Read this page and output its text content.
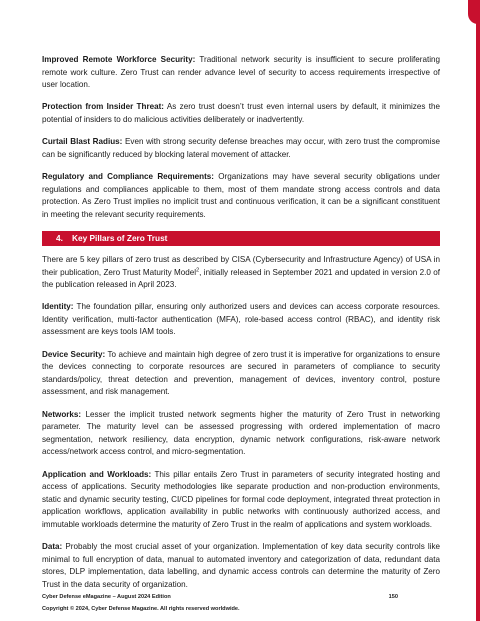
Improved Remote Workforce Security: Traditional network security is insufficient to secure proliferating remote work culture. Zero Trust can render advance level of security to access requirements irrespective of user location.

Protection from Insider Threat: As zero trust doesn’t trust even internal users by default, it minimizes the potential of insiders to do malicious activities deliberately or inadvertently.

Curtail Blast Radius: Even with strong security defense breaches may occur, with zero trust the compromise can be significantly reduced by blocking lateral movement of attacker.

Regulatory and Compliance Requirements: Organizations may have several security obligations under regulations and compliances applicable to them, most of them mandate strong access controls and data protection. As Zero Trust implies no implicit trust and continuous verification, it can be a significant constituent in meeting the relevant security requirements.

4. Key Pillars of Zero Trust

There are 5 key pillars of zero trust as described by CISA (Cybersecurity and Infrastructure Agency) of USA in their publication, Zero Trust Maturity Model$^2$, initially released in September 2021 and updated in version 2.0 of the publication released in April 2023.

Identity: The foundation pillar, ensuring only authorized users and devices can access corporate resources. Identity verification, multi-factor authentication (MFA), role-based access control (RBAC), and identity risk assessment are keys tools IAM tools.

Device Security: To achieve and maintain high degree of zero trust it is imperative for organizations to ensure the devices connecting to corporate resources are secured in parameters of compliance to security standards/policy, threat detection and prevention, management of devices, inventory control, posture assessment, and risk management.

Networks: Lesser the implicit trusted network segments higher the maturity of Zero Trust in networking parameter. The maturity level can be assessed progressing with ordered implementation of macro segmentation, network resiliency, data encryption, dynamic network configurations, risk-aware network access/network access control, and micro-segmentation.

Application and Workloads: This pillar entails Zero Trust in parameters of security integrated hosting and access of applications. Security methodologies like separate production and non-production environments, static and dynamic security testing, CI/CD pipelines for formal code deployment, integrated threat protection in application workflows, application availability in public networks with continuously authorized access, and immutable workloads determine the maturity of Zero Trust in the realm of applications and system workloads.

Data: Probably the most crucial asset of your organization. Implementation of key data security controls like minimal to full encryption of data, manual to automated inventory and categorization of data, redundant data stores, DLP implementation, data labelling, and dynamic access controls can determine the maturity of Zero Trust in the data security of organization.

Cyber Defense eMagazine – August 2024 Edition	150
Copyright © 2024, Cyber Defense Magazine. All rights reserved worldwide.
